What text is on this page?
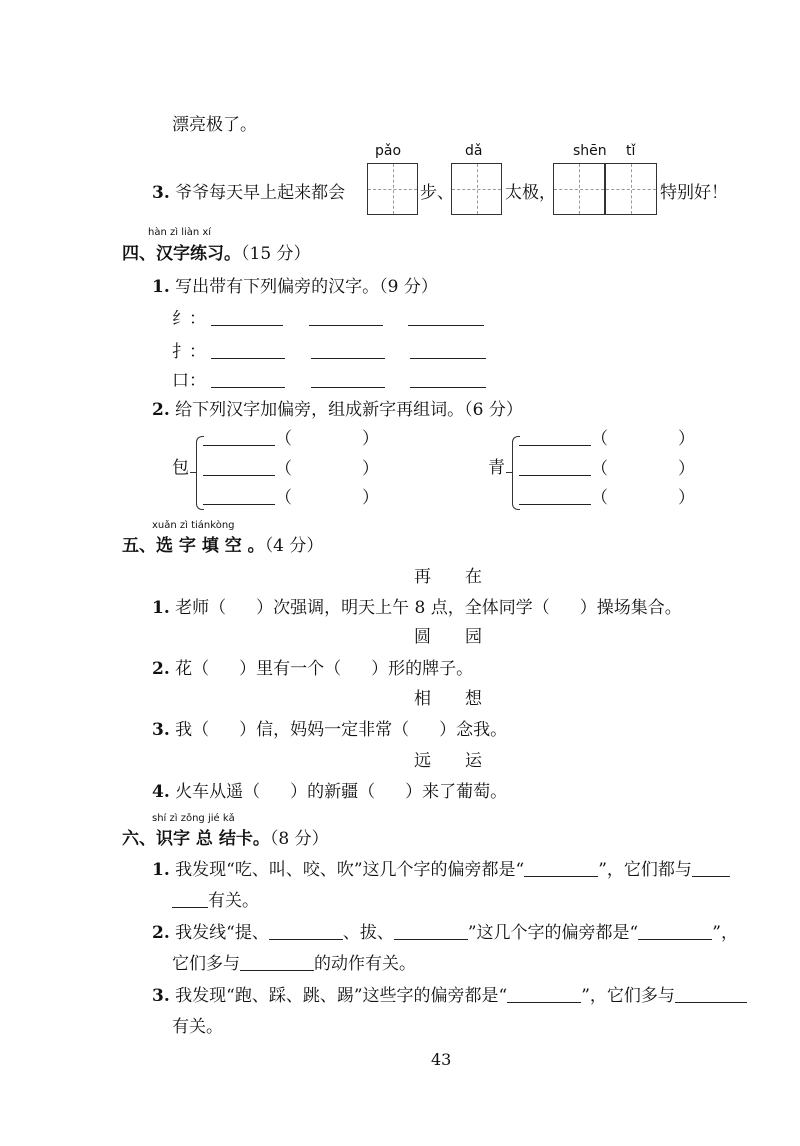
漂亮极了。
pǎo	dǎ	shēn tǐ
3. 爷爷每天早上起来都会	步、	太极，	特别好！
hàn zì liàn xí
四、汉字练习。（15 分）
1. 写出带有下列偏旁的汉字。（9 分）
纟：
扌：
口：
2. 给下列汉字加偏旁，组成新字再组词。（6 分）
包
（	）
（	）
（	）
青
（	）
（	）
（	）
xuǎn zì tiánkòng
五、选 字 填 空 。（4 分）
再　　在
1. 老师（ ）次强调，明天上午 8 点，全体同学（ ）操场集合。
圆　　园
2. 花（ ）里有一个（ ）形的牌子。
相　　想
3. 我（ ）信，妈妈一定非常（ ）念我。
远　　运
4. 火车从遥（ ）的新疆（ ）来了葡萄。
shí zì zǒng jié kǎ
六、识字 总 结卡。（8 分）
1. 我发现“吃、叫、咬、吹”这几个字的偏旁都是“	”，它们都与
有关。
2. 我发线“提、	、拔、	”这几个字的偏旁都是“	”，
它们多与	的动作有关。
3. 我发现“跑、踩、跳、踢”这些字的偏旁都是“	”，它们多与
有关。
43
